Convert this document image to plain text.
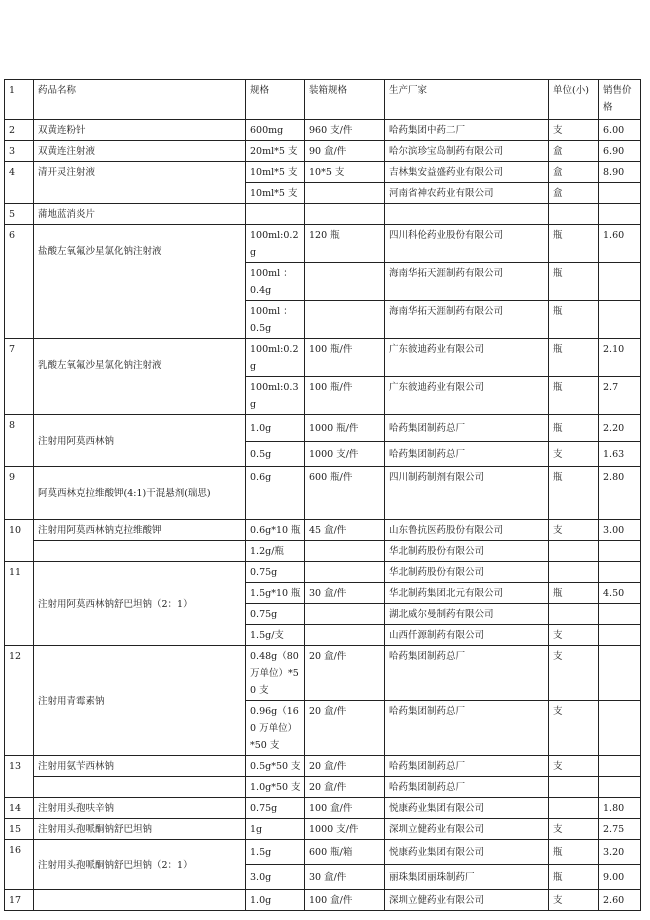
1	药品名称	规格	装箱规格	生产厂家	单位(小)	销售价格
2	双黄连粉针	600mg	960 支/件	哈药集团中药二厂	支	6.00
3	双黄连注射液	20ml*5 支	90 盒/件	哈尔滨珍宝岛制药有限公司	盒	6.90
4	清开灵注射液	10ml*5 支	10*5 支	吉林集安益盛药业有限公司	盒	8.90
		10ml*5 支		河南省神农药业有限公司	盒	
5	蒲地蓝消炎片					
6	盐酸左氧氟沙星氯化钠注射液	100ml:0.2g	120 瓶	四川科伦药业股份有限公司	瓶	1.60
		100ml ：0.4g		海南华拓天涯制药有限公司	瓶	
		100ml ：0.5g		海南华拓天涯制药有限公司	瓶	
7	乳酸左氧氟沙星氯化钠注射液	100ml:0.2g	100 瓶/件	广东彼迪药业有限公司	瓶	2.10
		100ml:0.3g	100 瓶/件	广东彼迪药业有限公司	瓶	2.7
8	注射用阿莫西林钠	1.0g	1000 瓶/件	哈药集团制药总厂	瓶	2.20
		0.5g	1000 支/件	哈药集团制药总厂	支	1.63
9	阿莫西林克拉维酸钾(4:1)干混悬剂(瑞思)	0.6g	600 瓶/件	四川制药制剂有限公司	瓶	2.80
10	注射用阿莫西林钠克拉维酸钾	0.6g*10 瓶	45 盒/件	山东鲁抗医药股份有限公司	支	3.00
		1.2g/瓶		华北制药股份有限公司		
11	注射用阿莫西林钠舒巴坦钠（2：1）	0.75g		华北制药股份有限公司		
		1.5g*10 瓶	30 盒/件	华北制药集团北元有限公司	瓶	4.50
		0.75g		湖北威尔曼制药有限公司		
		1.5g/支		山西仟源制药有限公司	支	
12	注射用青霉素钠	0.48g（80 万单位）*50 支	20 盒/件	哈药集团制药总厂	支	
		0.96g（160 万单位）*50 支	20 盒/件	哈药集团制药总厂	支	
13	注射用氨苄西林钠	0.5g*50 支	20 盒/件	哈药集团制药总厂	支	
		1.0g*50 支	20 盒/件	哈药集团制药总厂		
14	注射用头孢呋辛钠	0.75g	100 盒/件	悦康药业集团有限公司		1.80
15	注射用头孢哌酮钠舒巴坦钠	1g	1000 支/件	深圳立健药业有限公司	支	2.75
16	注射用头孢哌酮钠舒巴坦钠（2：1）	1.5g	600 瓶/箱	悦康药业集团有限公司	瓶	3.20
		3.0g	30 盒/件	丽珠集团丽珠制药厂	瓶	9.00
17		1.0g	100 盒/件	深圳立健药业有限公司	支	2.60
